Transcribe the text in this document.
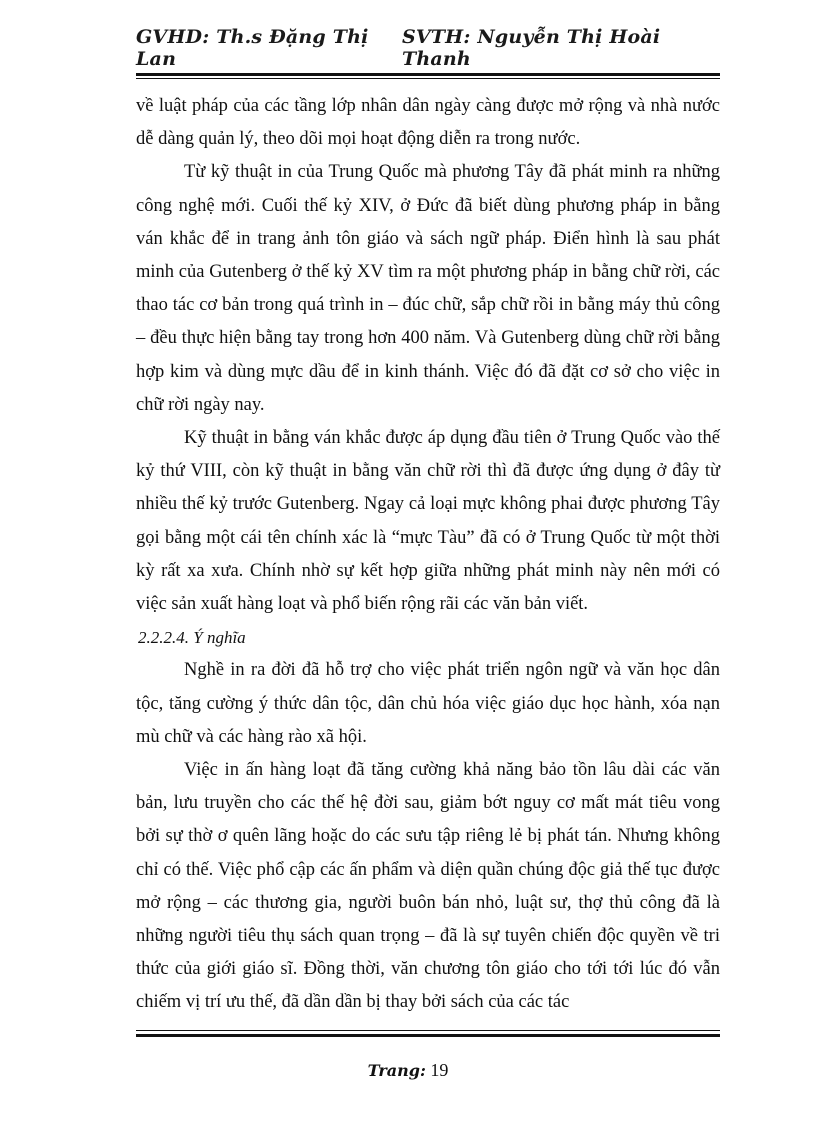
GVHD: Th.s Đặng Thị Lan
SVTH: Nguyễn Thị Hoài Thanh

về luật pháp của các tầng lớp nhân dân ngày càng được mở rộng và nhà nước dễ dàng quản lý, theo dõi mọi hoạt động diễn ra trong nước.

Từ kỹ thuật in của Trung Quốc mà phương Tây đã phát minh ra những công nghệ mới. Cuối thế kỷ XIV, ở Đức đã biết dùng phương pháp in bằng ván khắc để in trang ảnh tôn giáo và sách ngữ pháp. Điển hình là sau phát minh của Gutenberg ở thế kỷ XV tìm ra một phương pháp in bằng chữ rời, các thao tác cơ bản trong quá trình in – đúc chữ, sắp chữ rồi in bằng máy thủ công – đều thực hiện bằng tay trong hơn 400 năm. Và Gutenberg dùng chữ rời bằng hợp kim và dùng mực dầu để in kinh thánh. Việc đó đã đặt cơ sở cho việc in chữ rời ngày nay.

Kỹ thuật in bằng ván khắc được áp dụng đầu tiên ở Trung Quốc vào thế kỷ thứ VIII, còn kỹ thuật in bằng văn chữ rời thì đã được ứng dụng ở đây từ nhiều thế kỷ trước Gutenberg. Ngay cả loại mực không phai được phương Tây gọi bằng một cái tên chính xác là “mực Tàu” đã có ở Trung Quốc từ một thời kỳ rất xa xưa. Chính nhờ sự kết hợp giữa những phát minh này nên mới có việc sản xuất hàng loạt và phổ biến rộng rãi các văn bản viết.

2.2.2.4. Ý nghĩa

Nghề in ra đời đã hỗ trợ cho việc phát triển ngôn ngữ và văn học dân tộc, tăng cường ý thức dân tộc, dân chủ hóa việc giáo dục học hành, xóa nạn mù chữ và các hàng rào xã hội.

Việc in ấn hàng loạt đã tăng cường khả năng bảo tồn lâu dài các văn bản, lưu truyền cho các thế hệ đời sau, giảm bớt nguy cơ mất mát tiêu vong bởi sự thờ ơ quên lãng hoặc do các sưu tập riêng lẻ bị phát tán. Nhưng không chỉ có thế. Việc phổ cập các ấn phẩm và diện quần chúng độc giả thế tục được mở rộng – các thương gia, người buôn bán nhỏ, luật sư, thợ thủ công đã là những người tiêu thụ sách quan trọng – đã là sự tuyên chiến độc quyền về tri thức của giới giáo sĩ. Đồng thời, văn chương tôn giáo cho tới tới lúc đó vẫn chiếm vị trí ưu thế, đã dần dần bị thay bởi sách của các tác

Trang: 19
